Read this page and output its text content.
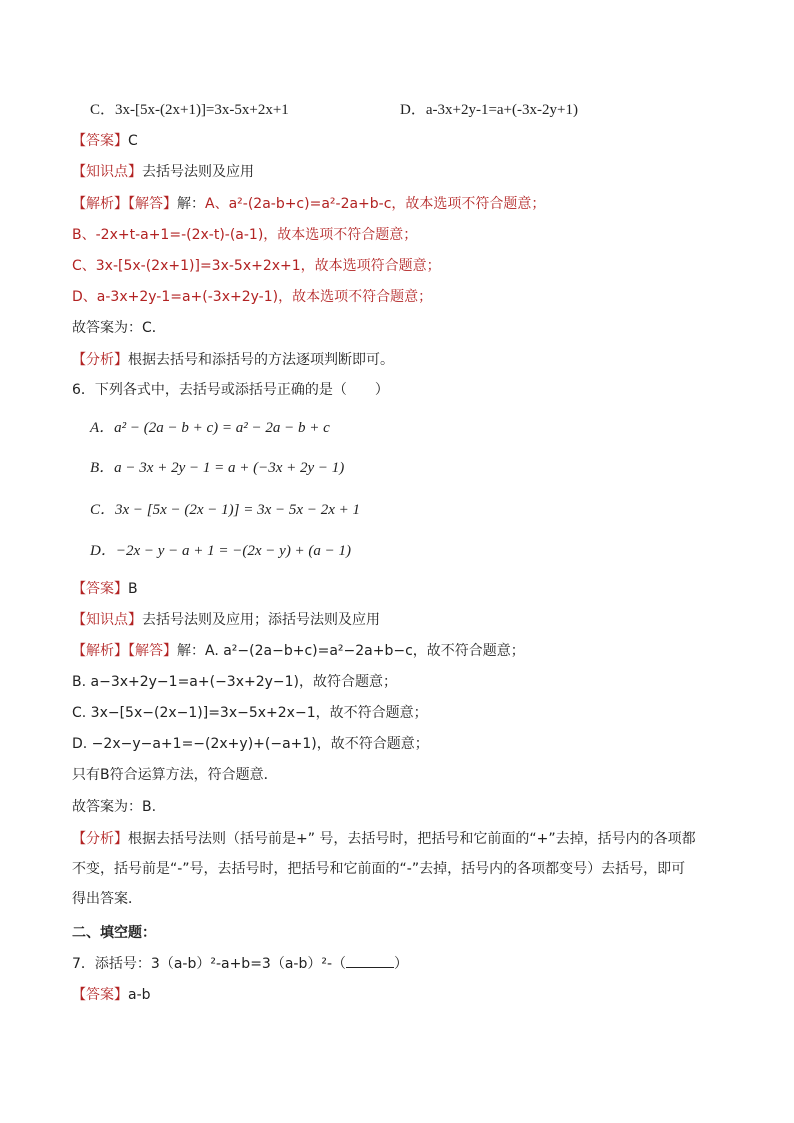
C．3x-[5x-(2x+1)]=3x-5x+2x+1	D．a-3x+2y-1=a+(-3x-2y+1)
【答案】C
【知识点】去括号法则及应用
【解析】【解答】解：A、a²-(2a-b+c)=a²-2a+b-c，故本选项不符合题意；
B、-2x+t-a+1=-(2x-t)-(a-1)，故本选项不符合题意；
C、3x-[5x-(2x+1)]=3x-5x+2x+1，故本选项符合题意；
D、a-3x+2y-1=a+(-3x+2y-1)，故本选项不符合题意；
故答案为：C．
【分析】根据去括号和添括号的方法逐项判断即可。
6．下列各式中，去括号或添括号正确的是（　　）
A．a² − (2a − b + c) = a² − 2a − b + c
B．a − 3x + 2y − 1 = a + (−3x + 2y − 1)
C．3x − [5x − (2x − 1)] = 3x − 5x − 2x + 1
D．−2x − y − a + 1 = −(2x − y) + (a − 1)
【答案】B
【知识点】去括号法则及应用；添括号法则及应用
【解析】【解答】解：A. a²−(2a−b+c)=a²−2a+b−c，故不符合题意；
B. a−3x+2y−1=a+(−3x+2y−1)，故符合题意；
C. 3x−[5x−(2x−1)]=3x−5x+2x−1，故不符合题意；
D. −2x−y−a+1=−(2x+y)+(−a+1)，故不符合题意；
只有B符合运算方法，符合题意．
故答案为：B.
【分析】根据去括号法则（括号前是+” 号，去括号时，把括号和它前面的“+”去掉，括号内的各项都
不变，括号前是“-”号，去括号时，把括号和它前面的“-”去掉，括号内的各项都变号）去括号，即可
得出答案．
二、填空题：
7．添括号：3（a-b）²-a+b=3（a-b）²-（	）
【答案】a-b
